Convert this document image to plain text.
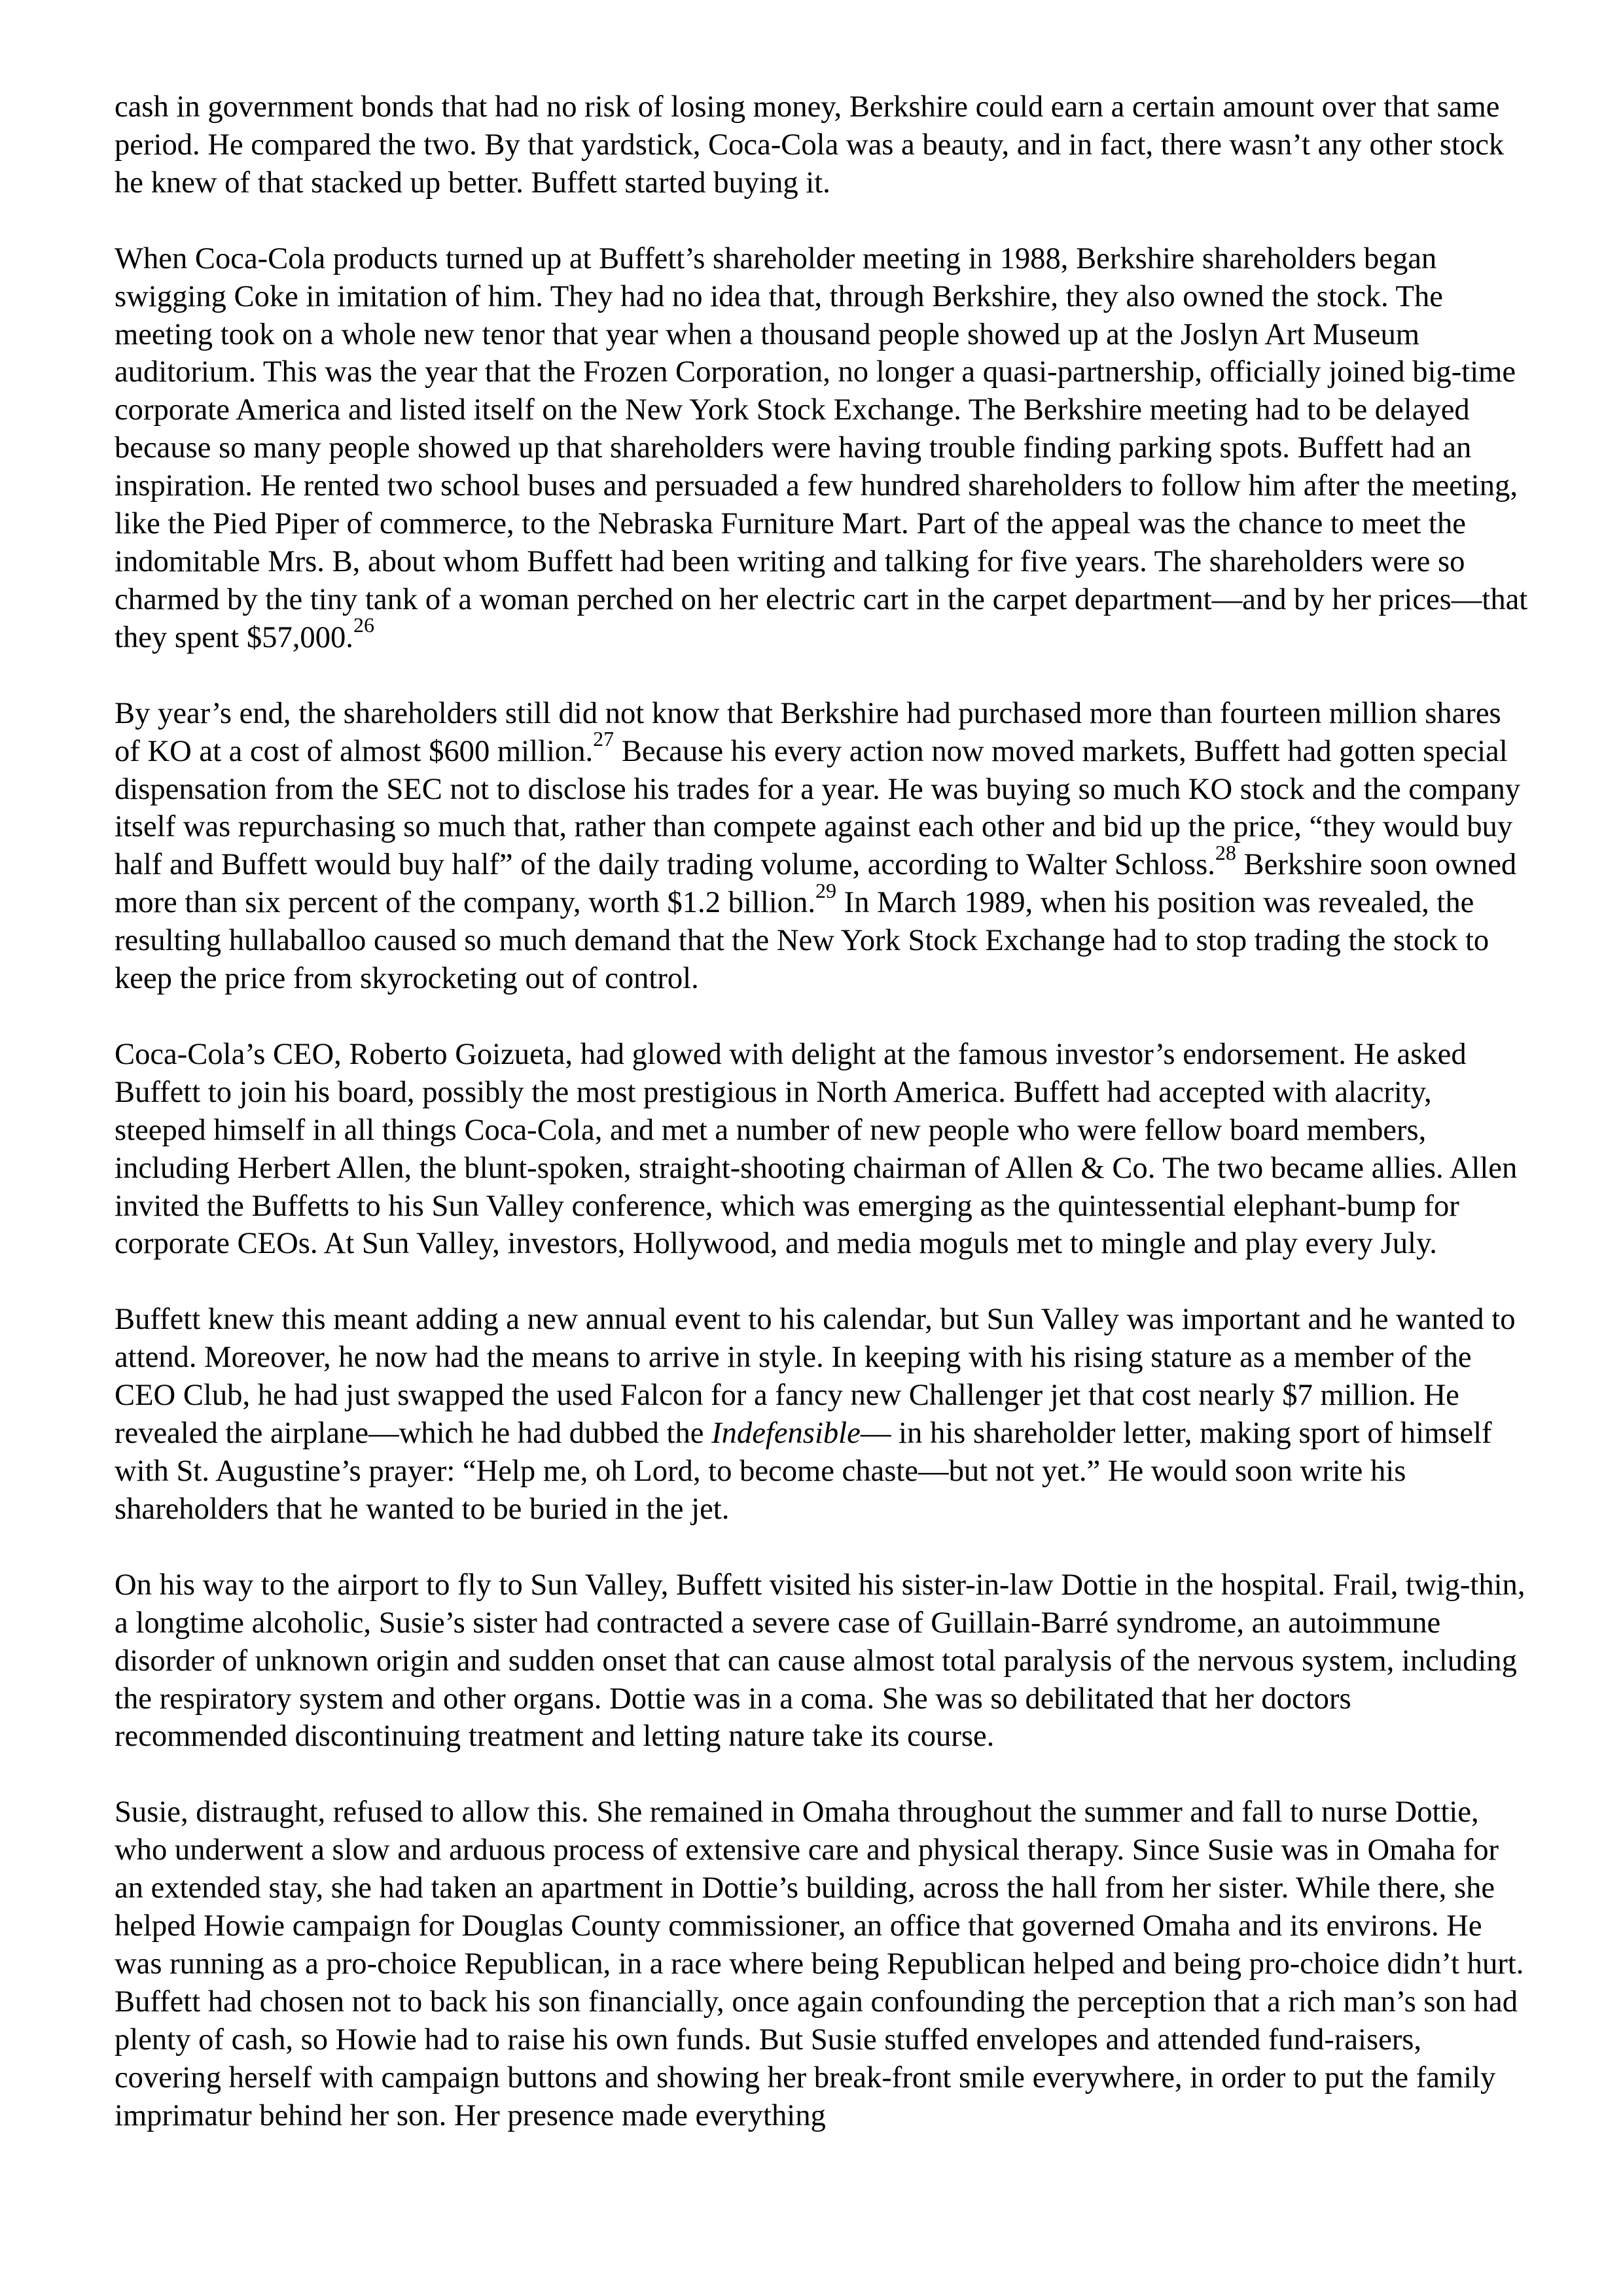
cash in government bonds that had no risk of losing money, Berkshire could earn a certain amount over that same period. He compared the two. By that yardstick, Coca-Cola was a beauty, and in fact, there wasn’t any other stock he knew of that stacked up better. Buffett started buying it.

When Coca-Cola products turned up at Buffett’s shareholder meeting in 1988, Berkshire shareholders began swigging Coke in imitation of him. They had no idea that, through Berkshire, they also owned the stock. The meeting took on a whole new tenor that year when a thousand people showed up at the Joslyn Art Museum auditorium. This was the year that the Frozen Corporation, no longer a quasi-partnership, officially joined big-time corporate America and listed itself on the New York Stock Exchange. The Berkshire meeting had to be delayed because so many people showed up that shareholders were having trouble finding parking spots. Buffett had an inspiration. He rented two school buses and persuaded a few hundred shareholders to follow him after the meeting, like the Pied Piper of commerce, to the Nebraska Furniture Mart. Part of the appeal was the chance to meet the indomitable Mrs. B, about whom Buffett had been writing and talking for five years. The shareholders were so charmed by the tiny tank of a woman perched on her electric cart in the carpet department—and by her prices—that they spent $57,000.26

By year’s end, the shareholders still did not know that Berkshire had purchased more than fourteen million shares of KO at a cost of almost $600 million.$^{27}$ Because his every action now moved markets, Buffett had gotten special dispensation from the SEC not to disclose his trades for a year. He was buying so much KO stock and the company itself was repurchasing so much that, rather than compete against each other and bid up the price, “they would buy half and Buffett would buy half” of the daily trading volume, according to Walter Schloss.$^{28}$ Berkshire soon owned more than six percent of the company, worth $1.2 billion.$^{29}$ In March 1989, when his position was revealed, the resulting hullaballoo caused so much demand that the New York Stock Exchange had to stop trading the stock to keep the price from skyrocketing out of control.

Coca-Cola’s CEO, Roberto Goizueta, had glowed with delight at the famous investor’s endorsement. He asked Buffett to join his board, possibly the most prestigious in North America. Buffett had accepted with alacrity, steeped himself in all things Coca-Cola, and met a number of new people who were fellow board members, including Herbert Allen, the blunt-spoken, straight-shooting chairman of Allen & Co. The two became allies. Allen invited the Buffetts to his Sun Valley conference, which was emerging as the quintessential elephant-bump for corporate CEOs. At Sun Valley, investors, Hollywood, and media moguls met to mingle and play every July.

Buffett knew this meant adding a new annual event to his calendar, but Sun Valley was important and he wanted to attend. Moreover, he now had the means to arrive in style. In keeping with his rising stature as a member of the CEO Club, he had just swapped the used Falcon for a fancy new Challenger jet that cost nearly $7 million. He revealed the airplane—which he had dubbed the Indefensible— in his shareholder letter, making sport of himself with St. Augustine’s prayer: “Help me, oh Lord, to become chaste—but not yet.” He would soon write his shareholders that he wanted to be buried in the jet.

On his way to the airport to fly to Sun Valley, Buffett visited his sister-in-law Dottie in the hospital. Frail, twig-thin, a longtime alcoholic, Susie’s sister had contracted a severe case of Guillain-Barré syndrome, an autoimmune disorder of unknown origin and sudden onset that can cause almost total paralysis of the nervous system, including the respiratory system and other organs. Dottie was in a coma. She was so debilitated that her doctors recommended discontinuing treatment and letting nature take its course.

Susie, distraught, refused to allow this. She remained in Omaha throughout the summer and fall to nurse Dottie, who underwent a slow and arduous process of extensive care and physical therapy. Since Susie was in Omaha for an extended stay, she had taken an apartment in Dottie’s building, across the hall from her sister. While there, she helped Howie campaign for Douglas County commissioner, an office that governed Omaha and its environs. He was running as a pro-choice Republican, in a race where being Republican helped and being pro-choice didn’t hurt. Buffett had chosen not to back his son financially, once again confounding the perception that a rich man’s son had plenty of cash, so Howie had to raise his own funds. But Susie stuffed envelopes and attended fund-raisers, covering herself with campaign buttons and showing her break-front smile everywhere, in order to put the family imprimatur behind her son. Her presence made everything
